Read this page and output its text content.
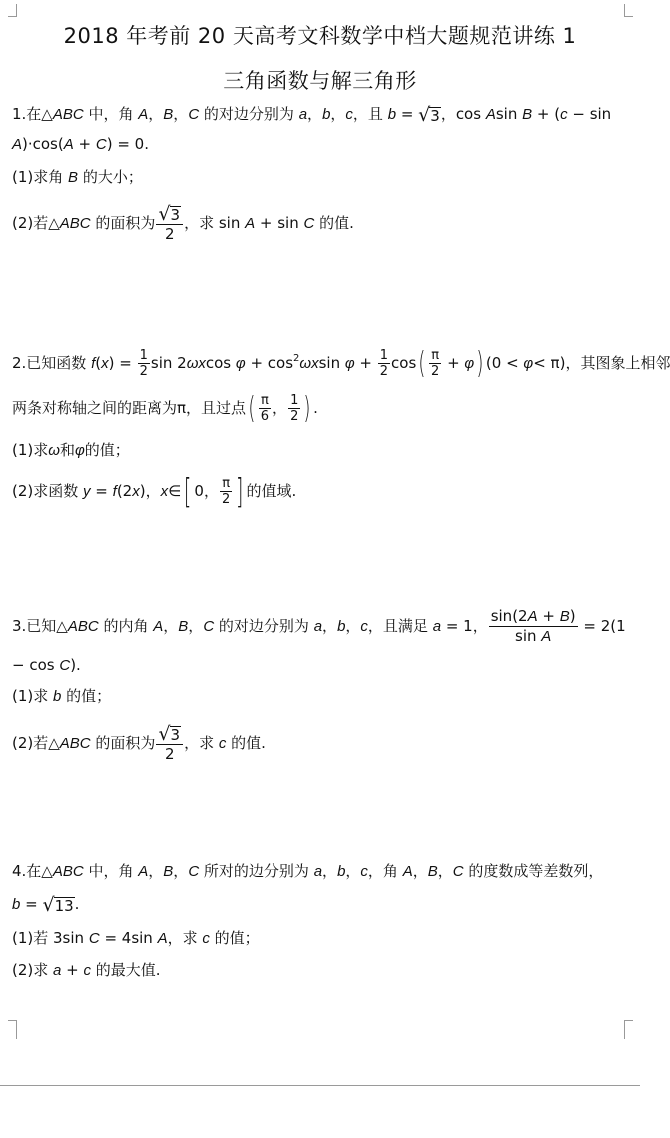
2018 年考前 20 天高考文科数学中档大题规范讲练 1
三角函数与解三角形
1.在△ABC 中，角 A，B，C 的对边分别为 a，b，c，且 b = √ 3 ，cos Asin B + (c − sin
A)·cos(A + C) = 0.
(1)求角 B 的大小；
(2)若△ABC 的面积为 $\frac{√ 3}{2}$ ，求 sin A + sin C 的值.
2.已知函数 $f(x) = \frac{1}{2}$ sin 2ωxcos $\varphi + \cos^2\omega xsin$ $\varphi + \frac{1}{2} \cos( \frac{\pi}{2} + \varphi) (0 < \varphi< \pi)$，其图象上相邻
两条对称轴之间的距离为π，且过点( $\frac{\pi}{6}$ ， $\frac{1}{2}$ ) .
(1)求ω和φ的值；
(2)求函数 y = f(2x)，x∈[ 0， $\frac{\pi}{2}$ ] 的值域.
3.已知△ABC 的内角 A，B，C 的对边分别为 a，b，c，且满足 a = 1， $\frac{\sin(2A + B)}{\text{sin A}} = 2(1$
− cos C).
(1)求 b 的值；
(2)若△ABC 的面积为 $\frac{√ 3}{2}$ ，求 c 的值.
4.在△ABC 中，角 A，B，C 所对的边分别为 a，b，c，角 A，B，C 的度数成等差数列，
b = √ 13 .
(1)若 3sin C = 4sin A，求 c 的值；
(2)求 a + c 的最大值.
